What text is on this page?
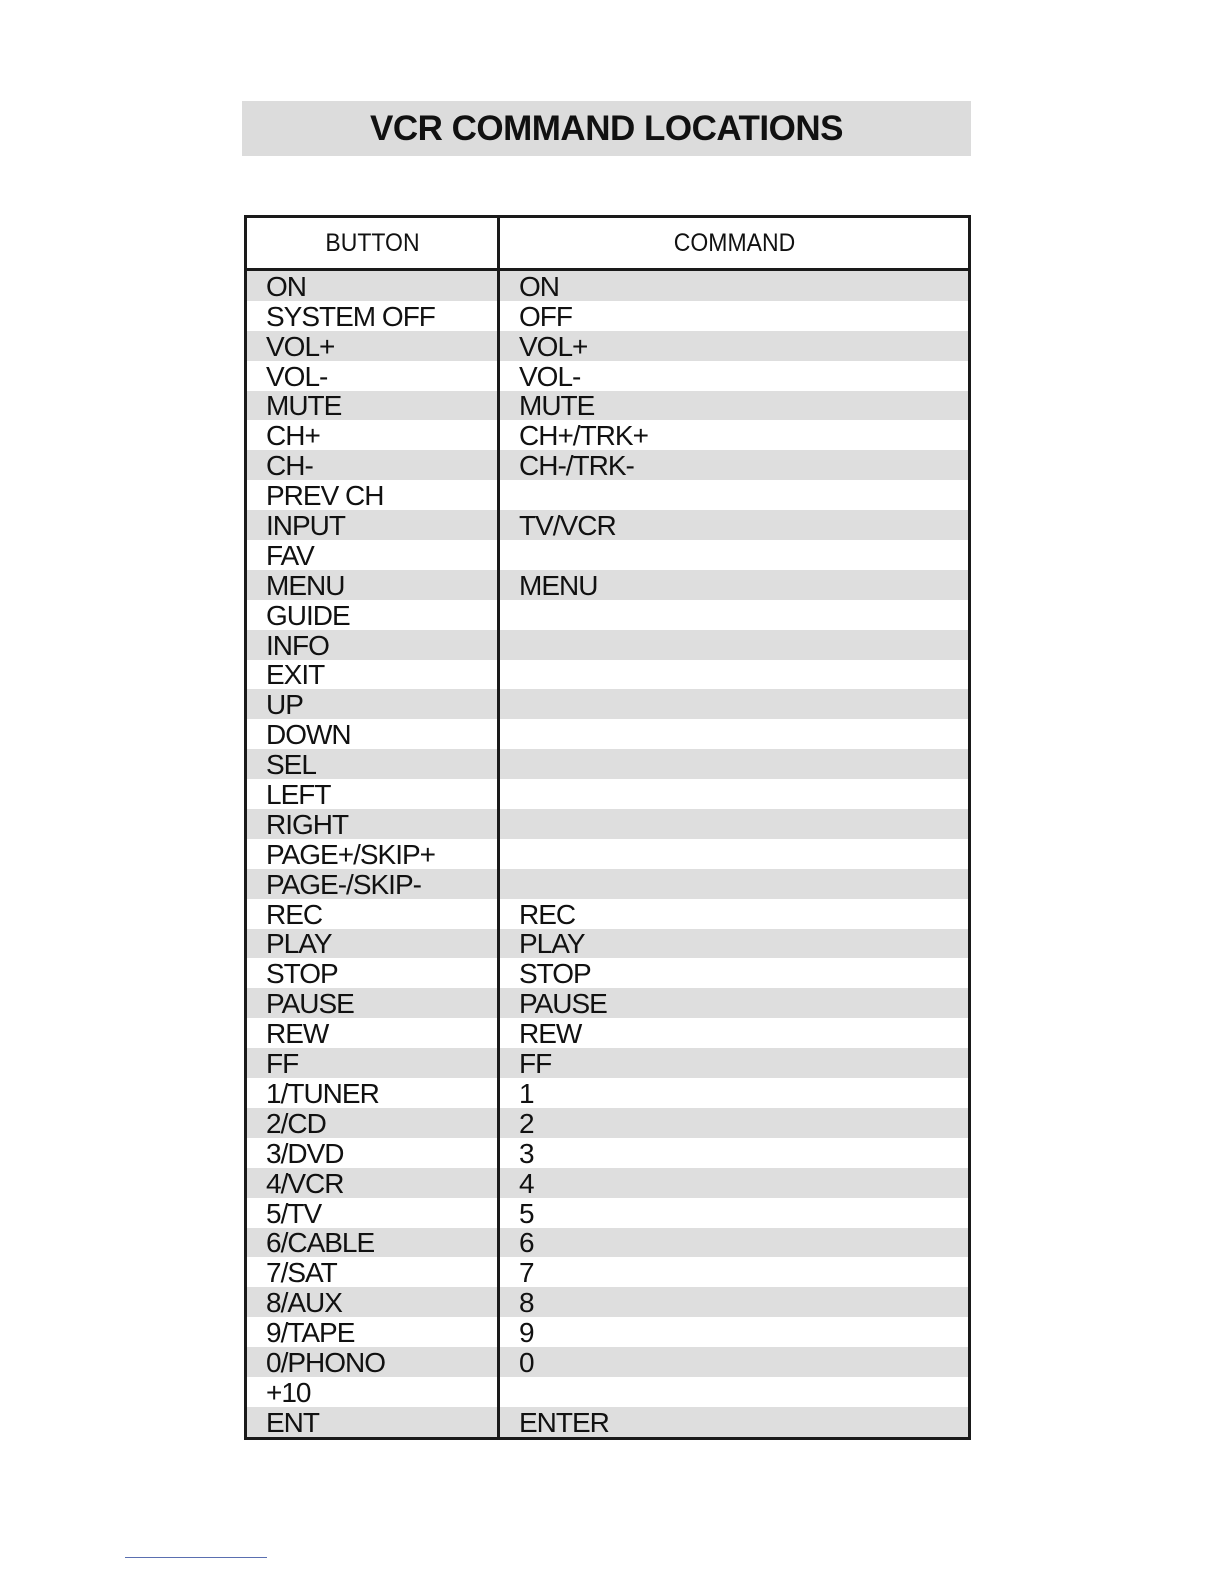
VCR COMMAND LOCATIONS
BUTTON	COMMAND
ON	ON
SYSTEM OFF	OFF
VOL+	VOL+
VOL-	VOL-
MUTE	MUTE
CH+	CH+/TRK+
CH-	CH-/TRK-
PREV CH	
INPUT	TV/VCR
FAV	
MENU	MENU
GUIDE	
INFO	
EXIT	
UP	
DOWN	
SEL	
LEFT	
RIGHT	
PAGE+/SKIP+	
PAGE-/SKIP-	
REC	REC
PLAY	PLAY
STOP	STOP
PAUSE	PAUSE
REW	REW
FF	FF
1/TUNER	1
2/CD	2
3/DVD	3
4/VCR	4
5/TV	5
6/CABLE	6
7/SAT	7
8/AUX	8
9/TAPE	9
0/PHONO	0
+10	
ENT	ENTER
